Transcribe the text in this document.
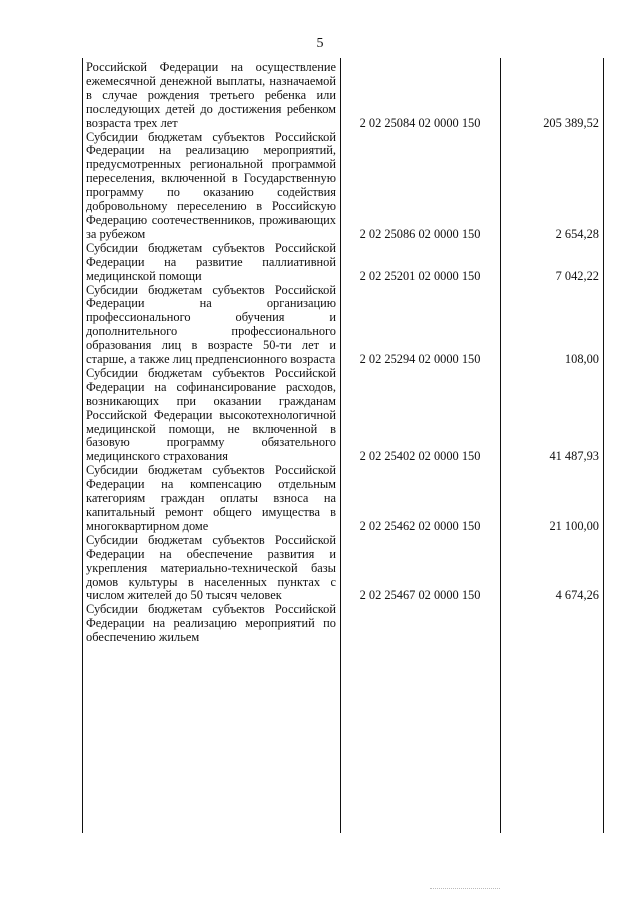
5
Российской Федерации на осуществление ежемесячной денежной выплаты, назначаемой в случае рождения третьего ребенка или последующих детей до достижения ребенком возраста трех лет	2 02 25084 02 0000 150	205 389,52
Субсидии бюджетам субъектов Российской Федерации на реализацию мероприятий, предусмотренных региональной программой переселения, включенной в Государственную программу по оказанию содействия добровольному переселению в Российскую Федерацию соотечественников, проживающих за рубежом	2 02 25086 02 0000 150	2 654,28
Субсидии бюджетам субъектов Российской Федерации на развитие паллиативной медицинской помощи	2 02 25201 02 0000 150	7 042,22
Субсидии бюджетам субъектов Российской Федерации на организацию профессионального обучения и дополнительного профессионального образования лиц в возрасте 50-ти лет и старше, а также лиц предпенсионного возраста	2 02 25294 02 0000 150	108,00
Субсидии бюджетам субъектов Российской Федерации на софинансирование расходов, возникающих при оказании гражданам Российской Федерации высокотехнологичной медицинской помощи, не включенной в базовую программу обязательного медицинского страхования	2 02 25402 02 0000 150	41 487,93
Субсидии бюджетам субъектов Российской Федерации на компенсацию отдельным категориям граждан оплаты взноса на капитальный ремонт общего имущества в многоквартирном доме	2 02 25462 02 0000 150	21 100,00
Субсидии бюджетам субъектов Российской Федерации на обеспечение развития и укрепления материально-технической базы домов культуры в населенных пунктах с числом жителей до 50 тысяч человек	2 02 25467 02 0000 150	4 674,26
Субсидии бюджетам субъектов Российской Федерации на реализацию мероприятий по обеспечению жильем
